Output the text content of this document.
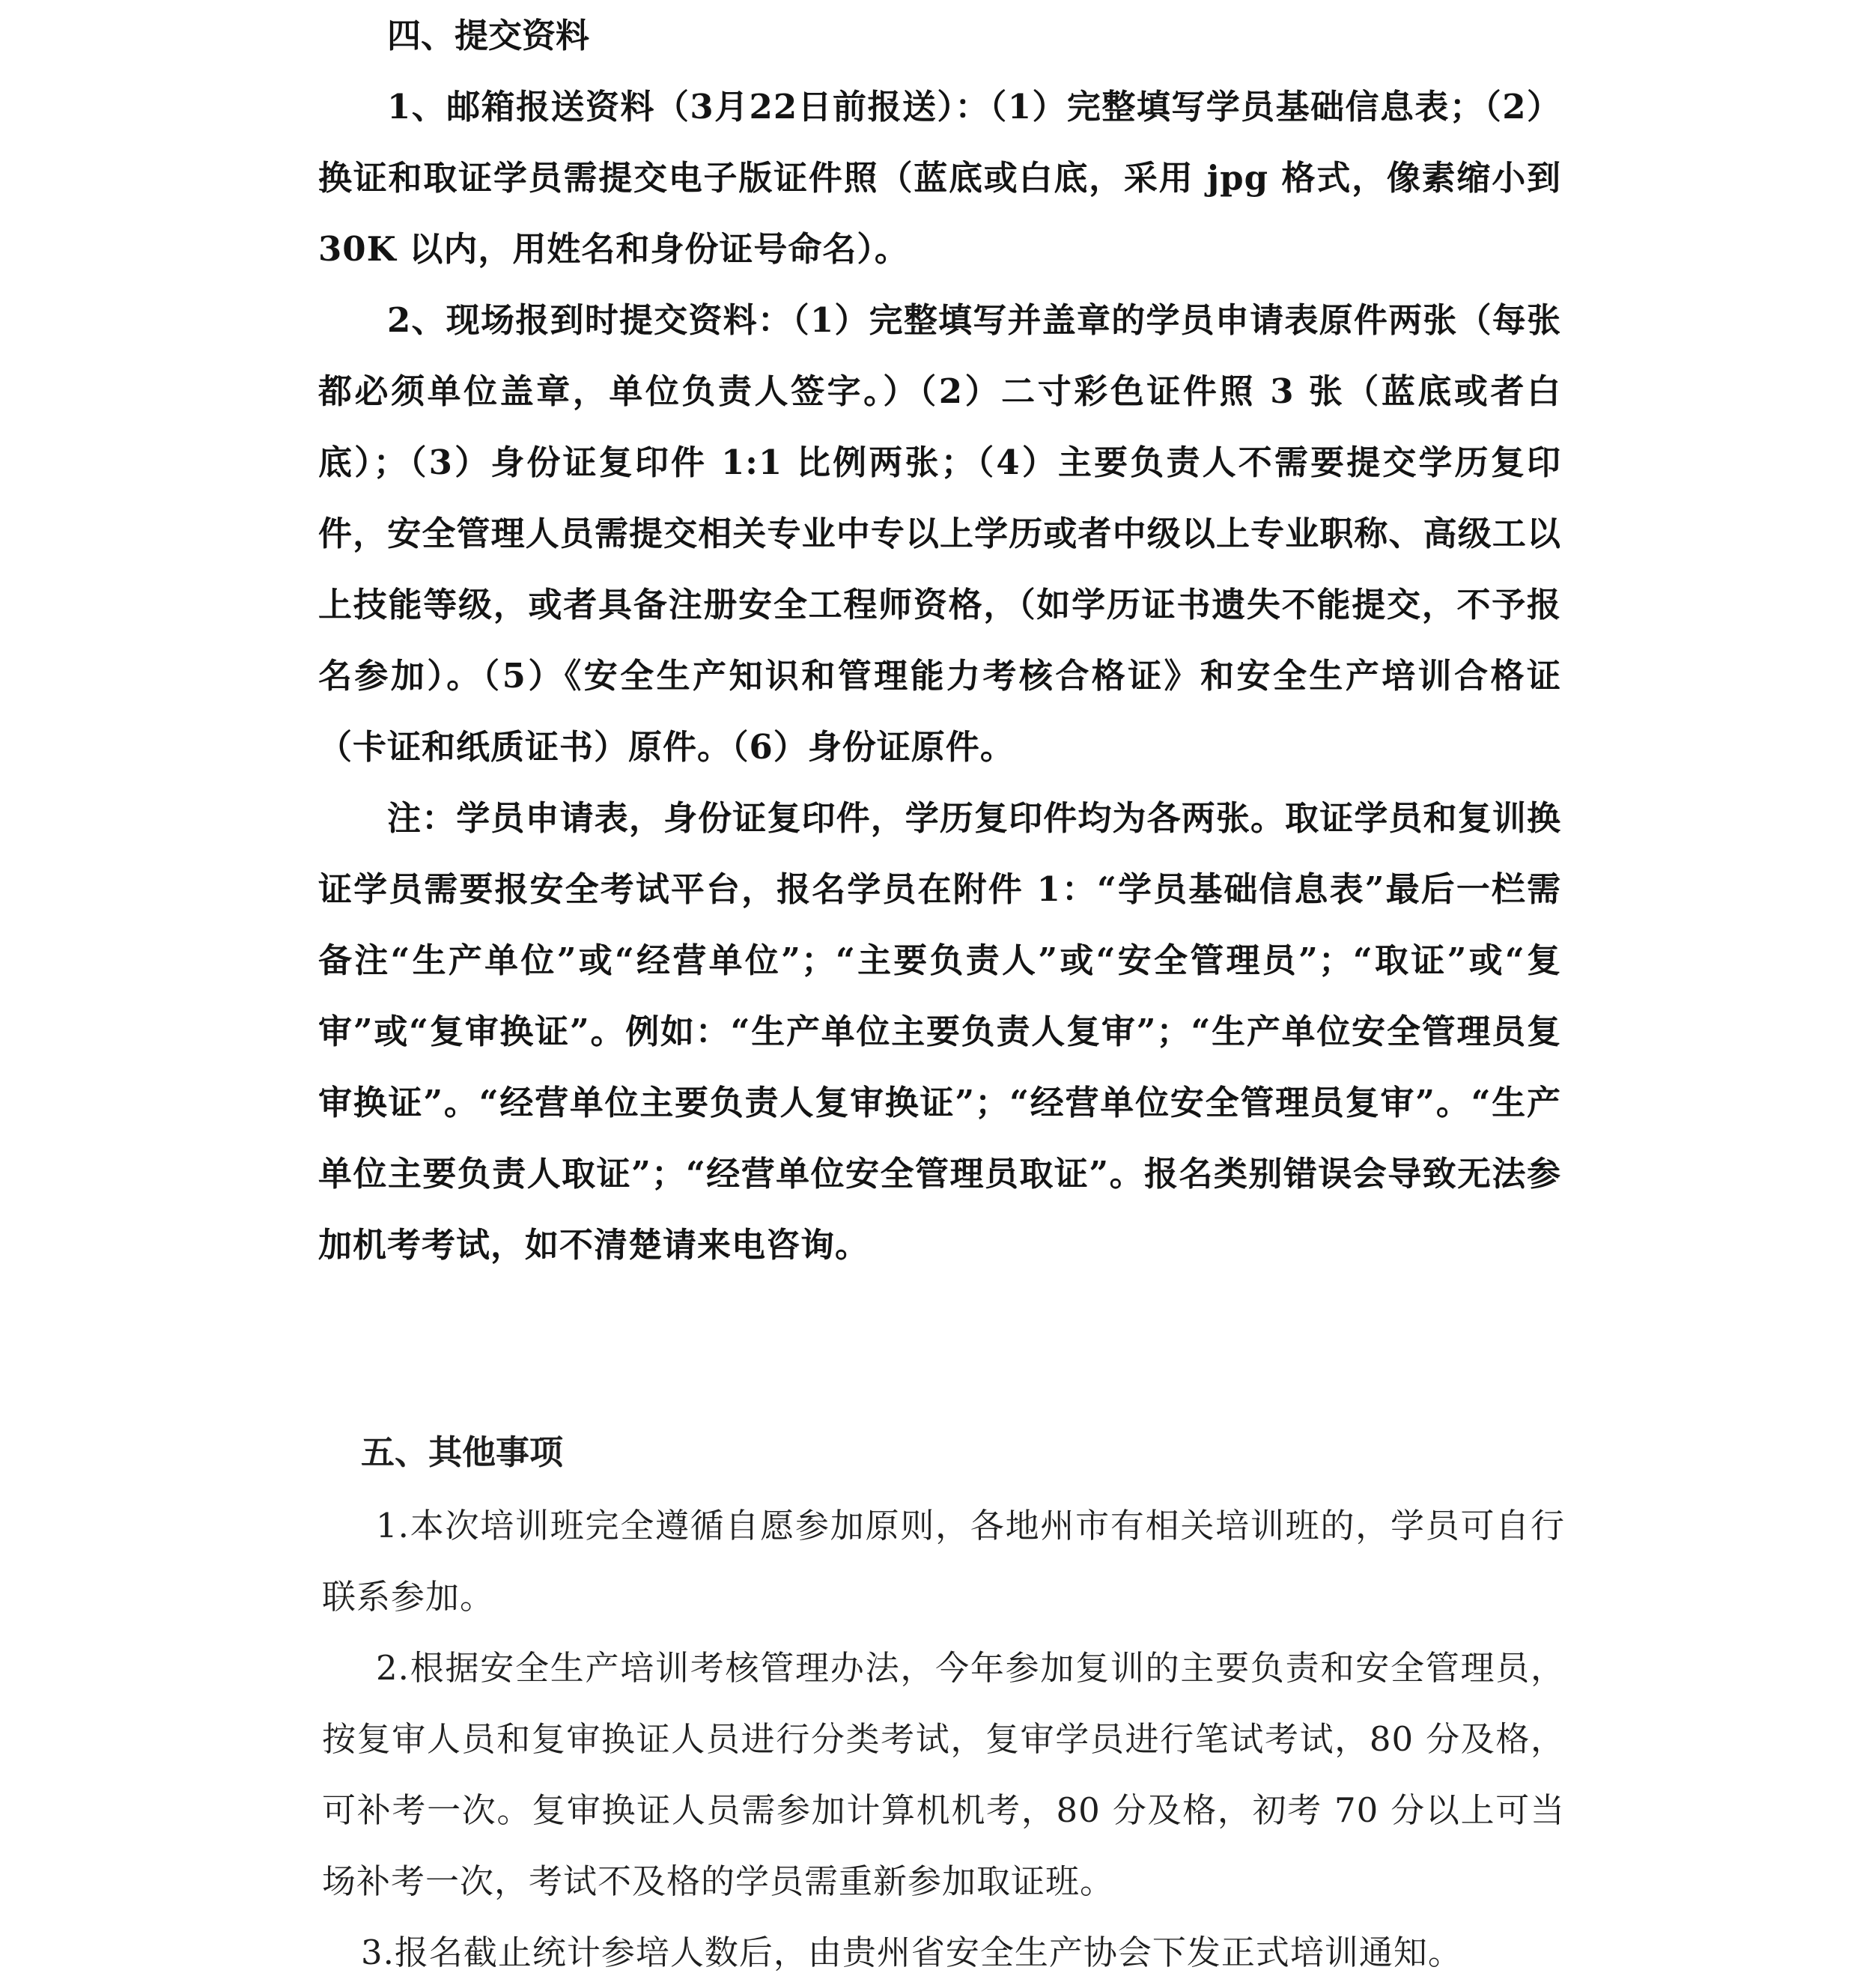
四、提交资料

1、邮箱报送资料（3月22日前报送）：（1）完整填写学员基础信息表；（2）换证和取证学员需提交电子版证件照（蓝底或白底，采用 jpg 格式，像素缩小到 30K 以内，用姓名和身份证号命名）。

2、现场报到时提交资料：（1）完整填写并盖章的学员申请表原件两张（每张都必须单位盖章，单位负责人签字。）（2）二寸彩色证件照 3 张（蓝底或者白底）；（3）身份证复印件 1:1 比例两张；（4）主要负责人不需要提交学历复印件，安全管理人员需提交相关专业中专以上学历或者中级以上专业职称、高级工以上技能等级，或者具备注册安全工程师资格，（如学历证书遗失不能提交，不予报名参加）。（5）《安全生产知识和管理能力考核合格证》和安全生产培训合格证（卡证和纸质证书）原件。（6）身份证原件。

注：学员申请表，身份证复印件，学历复印件均为各两张。取证学员和复训换证学员需要报安全考试平台，报名学员在附件 1：“学员基础信息表”最后一栏需备注“生产单位”或“经营单位”；“主要负责人”或“安全管理员”；“取证”或“复审”或“复审换证”。例如：“生产单位主要负责人复审”；“生产单位安全管理员复审换证”。“经营单位主要负责人复审换证”；“经营单位安全管理员复审”。“生产单位主要负责人取证”；“经营单位安全管理员取证”。报名类别错误会导致无法参加机考考试，如不清楚请来电咨询。

五、其他事项

1.本次培训班完全遵循自愿参加原则，各地州市有相关培训班的，学员可自行联系参加。

2.根据安全生产培训考核管理办法，今年参加复训的主要负责和安全管理员，按复审人员和复审换证人员进行分类考试，复审学员进行笔试考试，80 分及格，可补考一次。复审换证人员需参加计算机机考，80 分及格，初考 70 分以上可当场补考一次，考试不及格的学员需重新参加取证班。

3.报名截止统计参培人数后，由贵州省安全生产协会下发正式培训通知。
